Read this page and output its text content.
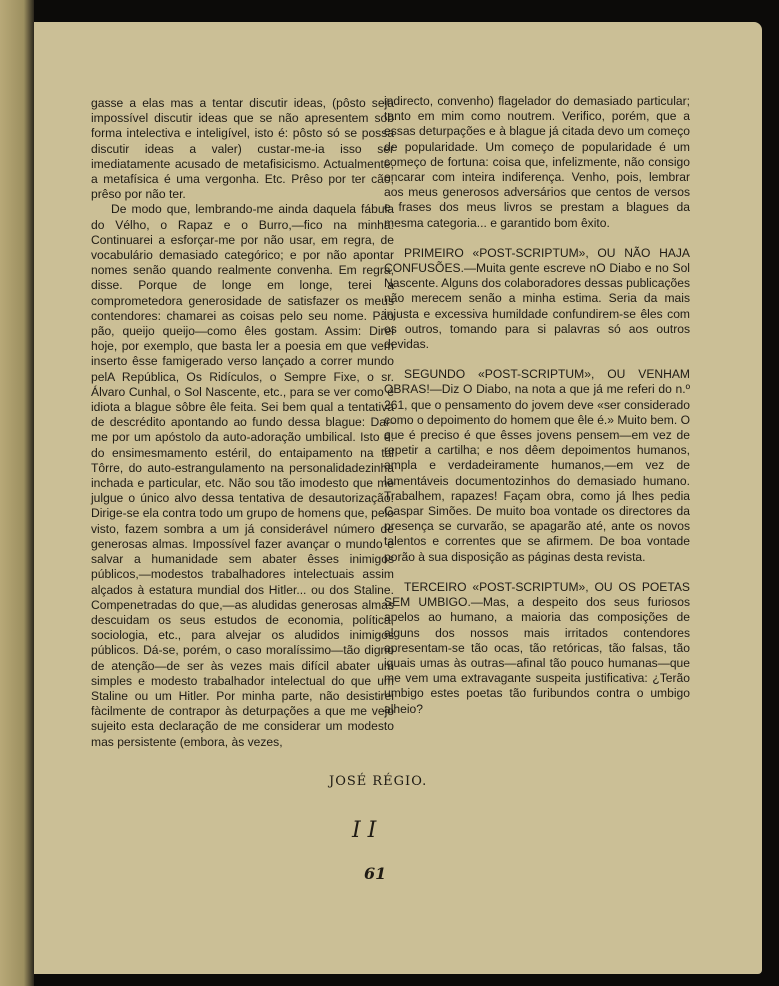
gasse a elas mas a tentar discutir ideas, (pôsto seja impossível discutir ideas que se não apresentem sob forma intelectiva e inteligível, isto é: pôsto só se possa discutir ideas a valer) custar-me-ia isso ser imediatamente acusado de metafisicismo. Actualmente, a metafísica é uma vergonha. Etc. Prêso por ter cão, prêso por não ter.

De modo que, lembrando-me ainda daquela fábula do Vélho, o Rapaz e o Burro,—fico na minha: Continuarei a esforçar-me por não usar, em regra, de vocabulário demasiado categórico; e por não apontar nomes senão quando realmente convenha. Em regra, disse. Porque de longe em longe, terei a comprometedora generosidade de satisfazer os meus contendores: chamarei as coisas pelo seu nome. Pão pão, queijo queijo—como êles gostam. Assim: Direi hoje, por exemplo, que basta ler a poesia em que vem inserto êsse famigerado verso lançado a correr mundo pelA República, Os Ridículos, o Sempre Fixe, o sr. Álvaro Cunhal, o Sol Nascente, etc., para se ver como é idiota a blague sôbre êle feita. Sei bem qual a tentativa de descrédito apontando ao fundo dessa blague: Dar-me por um apóstolo da auto-adoração umbilical. Isto é: do ensimesmamento estéril, do entaipamento na tal Tôrre, do auto-estrangulamento na personalidadezinha inchada e particular, etc. Não sou tão imodesto que me julgue o único alvo dessa tentativa de desautorização! Dirige-se ela contra todo um grupo de homens que, pelo visto, fazem sombra a um já considerável número de generosas almas. Impossível fazer avançar o mundo e salvar a humanidade sem abater êsses inimigos públicos,—modestos trabalhadores intelectuais assim alçados à estatura mundial dos Hitler... ou dos Staline. Compenetradas do que,—as aludidas generosas almas descuidam os seus estudos de economia, política, sociologia, etc., para alvejar os aludidos inimigos públicos. Dá-se, porém, o caso moralíssimo—tão digno de atenção—de ser às vezes mais difícil abater um simples e modesto trabalhador intelectual do que um Staline ou um Hitler. Por minha parte, não desistirei fàcilmente de contrapor às deturpações a que me vejo sujeito esta declaração de me considerar um modesto mas persistente (embora, às vezes,

indirecto, convenho) flagelador do demasiado particular; tanto em mim como noutrem. Verifico, porém, que a essas deturpações e à blague já citada devo um começo de popularidade. Um começo de popularidade é um começo de fortuna: coisa que, infelizmente, não consigo encarar com inteira indiferença. Venho, pois, lembrar aos meus generosos adversários que centos de versos e frases dos meus livros se prestam a blagues da mesma categoria... e garantido bom êxito.

PRIMEIRO «POST-SCRIPTUM», OU NÃO HAJA CONFUSÕES.—Muita gente escreve nO Diabo e no Sol Nascente. Alguns dos colaboradores dessas publicações não merecem senão a minha estima. Seria da mais injusta e excessiva humildade confundirem-se êles com os outros, tomando para si palavras só aos outros devidas.

SEGUNDO «POST-SCRIPTUM», OU VENHAM OBRAS!—Diz O Diabo, na nota a que já me referi do n.º 261, que o pensamento do jovem deve «ser considerado como o depoimento do homem que êle é.» Muito bem. O que é preciso é que êsses jovens pensem—em vez de repetir a cartilha; e nos dêem depoimentos humanos, ampla e verdadeiramente humanos,—em vez de lamentáveis documentozinhos do demasiado humano. Trabalhem, rapazes! Façam obra, como já lhes pedia Gaspar Simões. De muito boa vontade os directores da presença se curvarão, se apagarão até, ante os novos talentos e correntes que se afirmem. De boa vontade porão à sua disposição as páginas desta revista.

TERCEIRO «POST-SCRIPTUM», OU OS POETAS SEM UMBIGO.—Mas, a despeito dos seus furiosos apelos ao humano, a maioria das composições de alguns dos nossos mais irritados contendores apresentam-se tão ocas, tão retóricas, tão falsas, tão iguais umas às outras—afinal tão pouco humanas—que me vem uma extravagante suspeita justificativa: ¿Terão umbigo estes poetas tão furibundos contra o umbigo alheio?

JOSÉ RÉGIO.
I I
61
